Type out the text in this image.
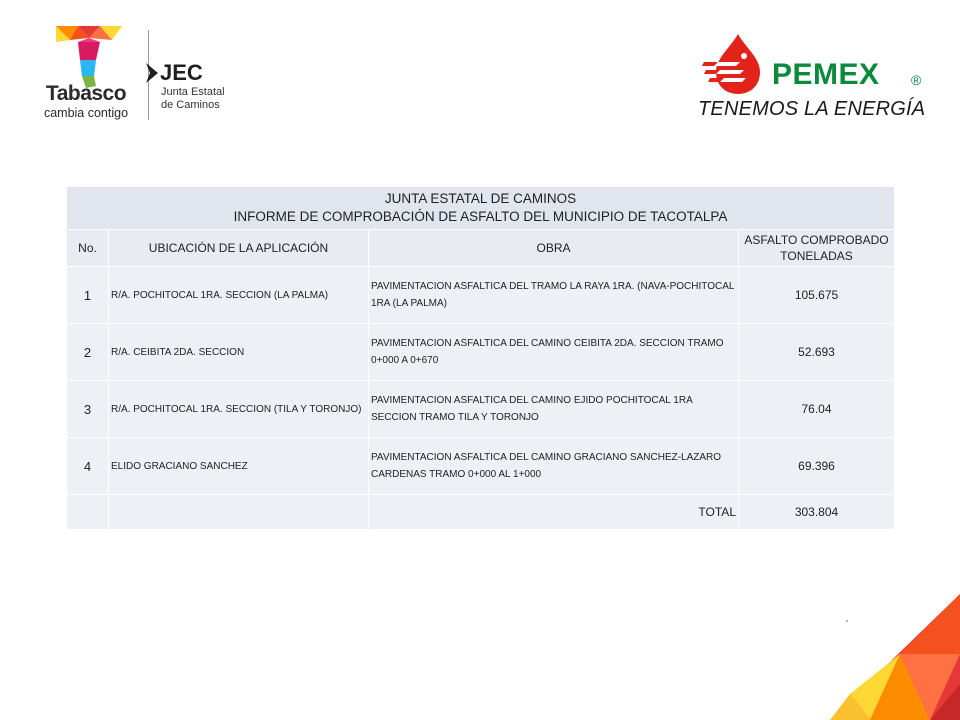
Tabasco
cambia contigo
JEC
Junta Estatal
de Caminos
PEMEX ®
TENEMOS LA ENERGÍA
JUNTA ESTATAL DE CAMINOS
INFORME DE COMPROBACIÓN DE ASFALTO DEL MUNICIPIO DE TACOTALPA			

No.	UBICACIÓN DE LA APLICACIÓN	OBRA	ASFALTO COMPROBADO
TONELADAS

1	R/A. POCHITOCAL 1RA. SECCION (LA PALMA)	PAVIMENTACION ASFALTICA DEL TRAMO LA RAYA 1RA. (NAVA-POCHITOCAL 1RA (LA PALMA)	105.675
2	R/A. CEIBITA 2DA. SECCION	PAVIMENTACION ASFALTICA DEL CAMINO CEIBITA 2DA. SECCION TRAMO 0+000 A 0+670	52.693
3	R/A. POCHITOCAL 1RA. SECCION (TILA Y TORONJO)	PAVIMENTACION ASFALTICA DEL CAMINO EJIDO POCHITOCAL 1RA SECCION TRAMO TILA Y TORONJO	76.04
4	ELIDO GRACIANO SANCHEZ	PAVIMENTACION ASFALTICA DEL CAMINO GRACIANO SANCHEZ-LAZARO CARDENAS TRAMO 0+000 AL 1+000	69.396
		TOTAL	303.804
